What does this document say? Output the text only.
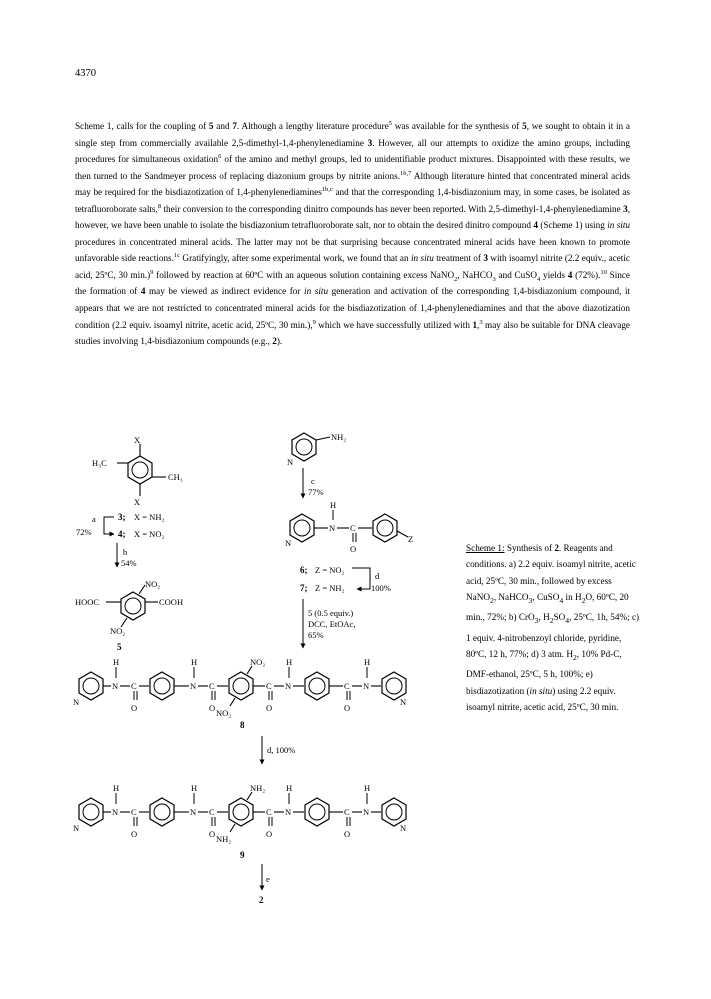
4370

Scheme 1, calls for the coupling of 5 and 7. Although a lengthy literature procedure$^5$ was available for the synthesis of 5, we sought to obtain it in a single step from commercially available 2,5-dimethyl-1,4-phenylenediamine 3. However, all our attempts to oxidize the amino groups, including procedures for simultaneous oxidation$^6$ of the amino and methyl groups, led to unidentifiable product mixtures. Disappointed with these results, we then turned to the Sandmeyer process of replacing diazonium groups by nitrite anions.$^{1b,7}$ Although literature hinted that concentrated mineral acids may be required for the bisdiazotization of 1,4-phenylenediamines$^{1b,c}$ and that the corresponding 1,4-bisdiazonium may, in some cases, be isolated as tetrafluoroborate salts,$^8$ their conversion to the corresponding dinitro compounds has never been reported. With 2,5-dimethyl-1,4-phenylenediamine 3, however, we have been unable to isolate the bisdiazonium tetrafluoroborate salt, nor to obtain the desired dinitro compound 4 (Scheme 1) using in situ procedures in concentrated mineral acids. The latter may not be that surprising because concentrated mineral acids have been known to promote unfavorable side reactions.$^{1c}$ Gratifyingly, after some experimental work, we found that an in situ treatment of 3 with isoamyl nitrite (2.2 equiv., acetic acid, 25ºC, 30 min.)$^9$ followed by reaction at 60ºC with an aqueous solution containing excess NaNO$_2$, NaHCO$_3$ and CuSO$_4$ yields 4 (72%).$^{10}$ Since the formation of 4 may be viewed as indirect evidence for in situ generation and activation of the corresponding 1,4-bisdiazonium compound, it appears that we are not restricted to concentrated mineral acids for the bisdiazotization of 1,4-phenylenediamines and that the above diazotization condition (2.2 equiv. isoamyl nitrite, acetic acid, 25ºC, 30 min.),$^9$ which we have successfully utilized with 1,$^3$ may also be suitable for DNA cleavage studies involving 1,4-bisdiazonium compounds (e.g., 2).

X
X
H₃C
CH₃
3; X = NH₂
4; X = NO₂
a
72%
b
54%
NO₂
HOOC	COOH
NO₂
5
NH₂
N
c
77%
N
N
H
C
O
Z
6; Z = NO₂
7; Z = NH₂
d
100%
5 (0.5 equiv.)
DCC, EtOAc,
65%
N
N
H
C
O
N
H
C
O
NO₂
NO₂
C
O
N
H
C
O
N
H
N
8
d, 100%
N
N
H
C
O
N
H
C
O
NH₂
NH₂
C
O
N
H
C
O
N
H
N
9
e
2
Scheme 1: Synthesis of 2. Reagents and conditions. a) 2.2 equiv. isoamyl nitrite, acetic acid, 25ºC, 30 min., followed by excess NaNO$_2$, NaHCO$_3$, CuSO$_4$ in $H_2O$, 60ºC, 20 min., 72%; b) CrO$_3$, $H_2SO_4$, 25ºC, 1h, 54%; c) 1 equiv. 4-nitrobenzoyl chloride, pyridine, 80ºC, 12 h, 77%; d) 3 atm. $H_2$, 10% Pd-C, DMF-ethanol, 25ºC, 5 h, 100%; e) bisdiazotization (in situ) using 2.2 equiv. isoamyl nitrite, acetic acid, 25ºC, 30 min.
